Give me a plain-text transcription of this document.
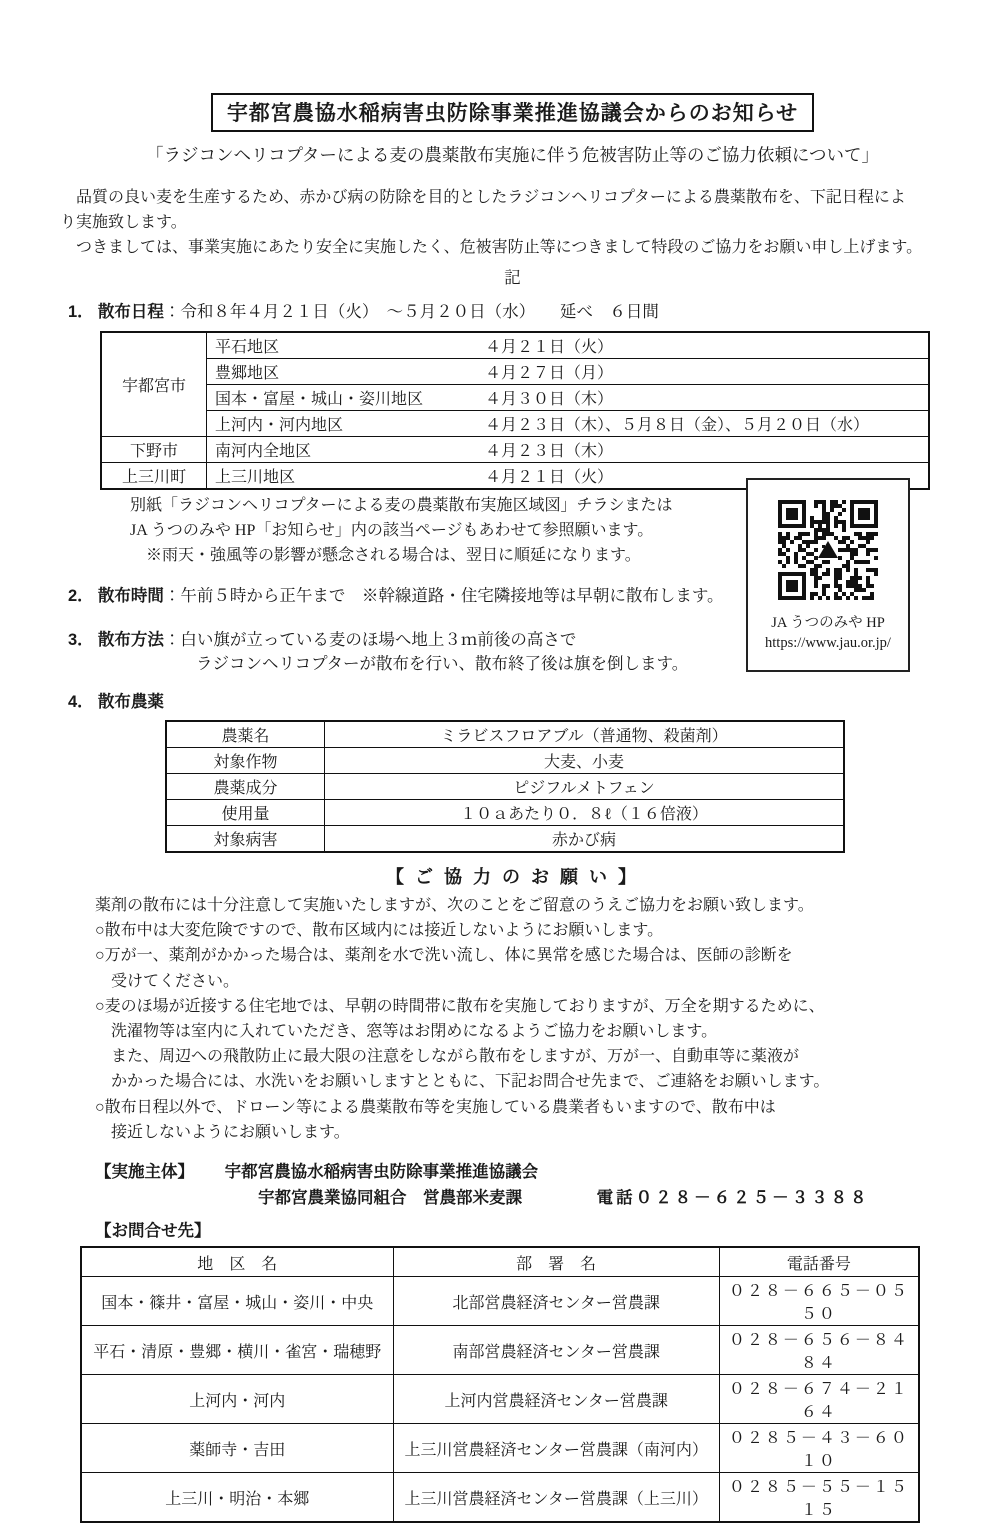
宇都宮農協水稲病害虫防除事業推進協議会からのお知らせ
「ラジコンヘリコプターによる麦の農薬散布実施に伴う危被害防止等のご協力依頼について」
　品質の良い麦を生産するため、赤かび病の防除を目的としたラジコンヘリコプターによる農薬散布を、下記日程によ
り実施致します。
　つきましては、事業実施にあたり安全に実施したく、危被害防止等につきまして特段のご協力をお願い申し上げます。
記
1． 散布日程：令和８年４月２１日（火）　～５月２０日（水）　　延べ　６日間
宇都宮市	平石地区	４月２１日（火）
	豊郷地区	４月２７日（月）
	国本・富屋・城山・姿川地区	４月３０日（木）
	上河内・河内地区	４月２３日（木）、５月８日（金）、５月２０日（水）
下野市	南河内全地区	４月２３日（木）
上三川町	上三川地区	４月２１日（火）
別紙「ラジコンヘリコプターによる麦の農薬散布実施区域図」チラシまたは
JA うつのみや HP「お知らせ」内の該当ページもあわせて参照願います。
　※雨天・強風等の影響が懸念される場合は、翌日に順延になります。
2． 散布時間：午前５時から正午まで　※幹線道路・住宅隣接地等は早朝に散布します。
3． 散布方法：白い旗が立っている麦のほ場へ地上３ｍ前後の高さで
ラジコンヘリコプターが散布を行い、散布終了後は旗を倒します。
4． 散布農薬
農薬名	ミラビスフロアブル（普通物、殺菌剤）
対象作物	大麦、小麦
農薬成分	ピジフルメトフェン
使用量	１０ａあたり０．８ℓ（１６倍液）
対象病害	赤かび病
【 ご 協 力 の お 願 い 】
薬剤の散布には十分注意して実施いたしますが、次のことをご留意のうえご協力をお願い致します。
○散布中は大変危険ですので、散布区域内には接近しないようにお願いします。
○万が一、薬剤がかかった場合は、薬剤を水で洗い流し、体に異常を感じた場合は、医師の診断を
　受けてください。
○麦のほ場が近接する住宅地では、早朝の時間帯に散布を実施しておりますが、万全を期するために、
　洗濯物等は室内に入れていただき、窓等はお閉めになるようご協力をお願いします。
　また、周辺への飛散防止に最大限の注意をしながら散布をしますが、万が一、自動車等に薬液が
　かかった場合には、水洗いをお願いしますとともに、下記お問合せ先まで、ご連絡をお願いします。
○散布日程以外で、ドローン等による農薬散布等を実施している農業者もいますので、散布中は
　接近しないようにお願いします。
【実施主体】 宇都宮農協水稲病害虫防除事業推進協議会
宇都宮農業協同組合　営農部米麦課	電話０２８－６２５－３３８８
【お問合せ先】
地　区　名	部　署　名	電話番号
国本・篠井・富屋・城山・姿川・中央	北部営農経済センター営農課	０２８－６６５－０５５０
平石・清原・豊郷・横川・雀宮・瑞穂野	南部営農経済センター営農課	０２８－６５６－８４８４
上河内・河内	上河内営農経済センター営農課	０２８－６７４－２１６４
薬師寺・吉田	上三川営農経済センター営農課（南河内）	０２８５－４３－６０１０
上三川・明治・本郷	上三川営農経済センター営農課（上三川）	０２８５－５５－１５１５
JA うつのみや HP
https://www.jau.or.jp/
